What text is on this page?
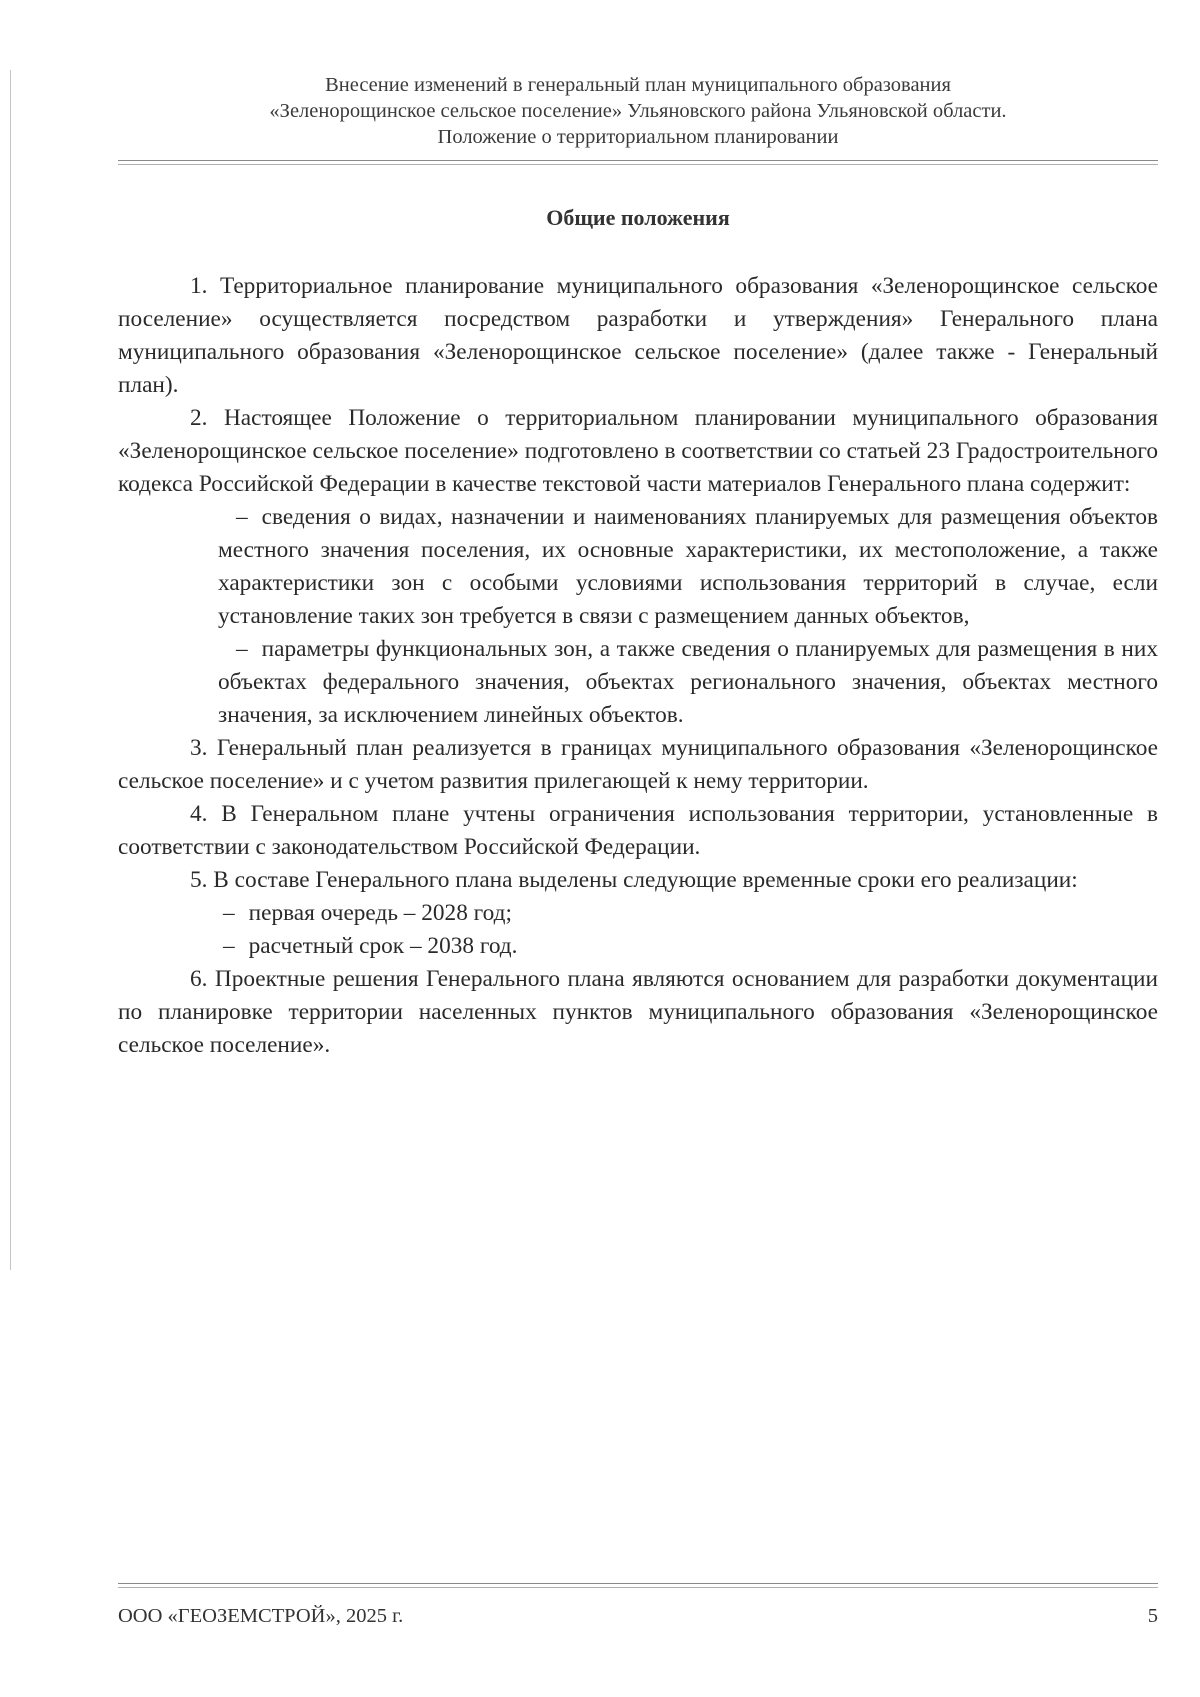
Внесение изменений в генеральный план муниципального образования
«Зеленорощинское сельское поселение» Ульяновского района Ульяновской области.
Положение о территориальном планировании
Общие положения

1. Территориальное планирование муниципального образования «Зеленорощинское сельское поселение» осуществляется посредством разработки и утверждения» Генерального плана муниципального образования «Зеленорощинское сельское поселение» (далее также - Генеральный план).

2. Настоящее Положение о территориальном планировании муниципального образования «Зеленорощинское сельское поселение» подготовлено в соответствии со статьей 23 Градостроительного кодекса Российской Федерации в качестве текстовой части материалов Генерального плана содержит:

– сведения о видах, назначении и наименованиях планируемых для размещения объектов местного значения поселения, их основные характеристики, их местоположение, а также характеристики зон с особыми условиями использования территорий в случае, если установление таких зон требуется в связи с размещением данных объектов,
– параметры функциональных зон, а также сведения о планируемых для размещения в них объектах федерального значения, объектах регионального значения, объектах местного значения, за исключением линейных объектов.

3. Генеральный план реализуется в границах муниципального образования «Зеленорощинское сельское поселение» и с учетом развития прилегающей к нему территории.

4. В Генеральном плане учтены ограничения использования территории, установленные в соответствии с законодательством Российской Федерации.

5. В составе Генерального плана выделены следующие временные сроки его реализации:

– первая очередь – 2028 год;
– расчетный срок – 2038 год.

6. Проектные решения Генерального плана являются основанием для разработки документации по планировке территории населенных пунктов муниципального образования «Зеленорощинское сельское поселение».

ООО «ГЕОЗЕМСТРОЙ», 2025 г.	5
